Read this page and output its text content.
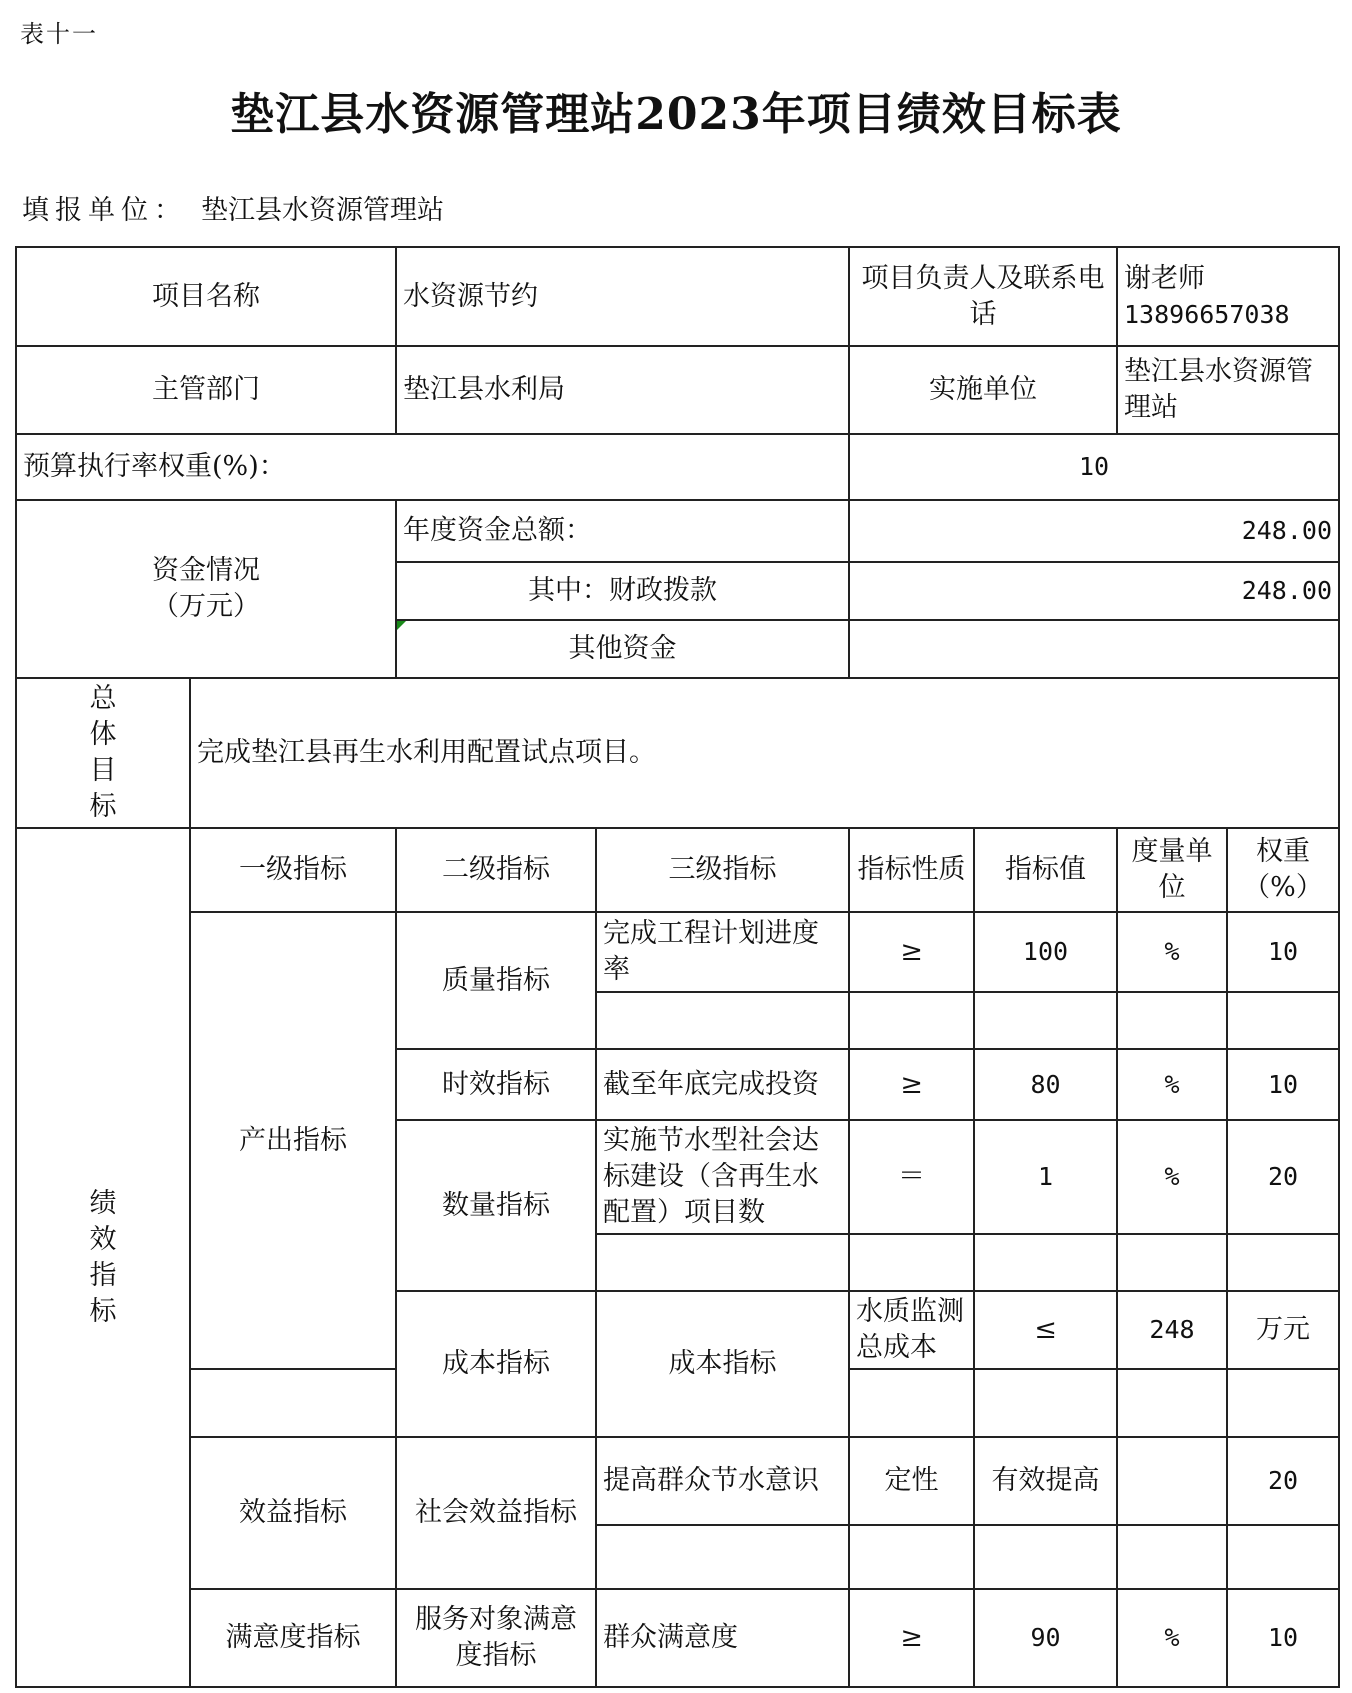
表十一
垫江县水资源管理站2023年项目绩效目标表
填报单位： 垫江县水资源管理站
项目名称		水资源节约		项目负责人及联系电话		谢老师
13896657038		

主管部门		垫江县水利局		实施单位		垫江县水资源管理站		
预算执行率权重(%)：				10				

资金情况
（万元）		年度资金总额：		248.00				
		其中：财政拨款		248.00				

其他资金						
总体目标	完成垫江县再生水利用配置试点项目。							
绩效指标	一级指标	二级指标	三级指标	指标性质	指标值	度量单位	权重（%）	
	产出指标	质量指标	完成工程计划进度率	≥	100	%	10	

		时效指标	截至年底完成投资	≥	80	%	10	
		数量指标	实施节水型社会达标建设（含再生水配置）项目数	＝	1	%	20	

		成本指标	成本指标	水质监测总成本	≤	248	万元	

	效益指标	社会效益指标	提高群众节水意识	定性	有效提高		20	

	满意度指标	服务对象满意度指标	群众满意度	≥	90	%	10	
